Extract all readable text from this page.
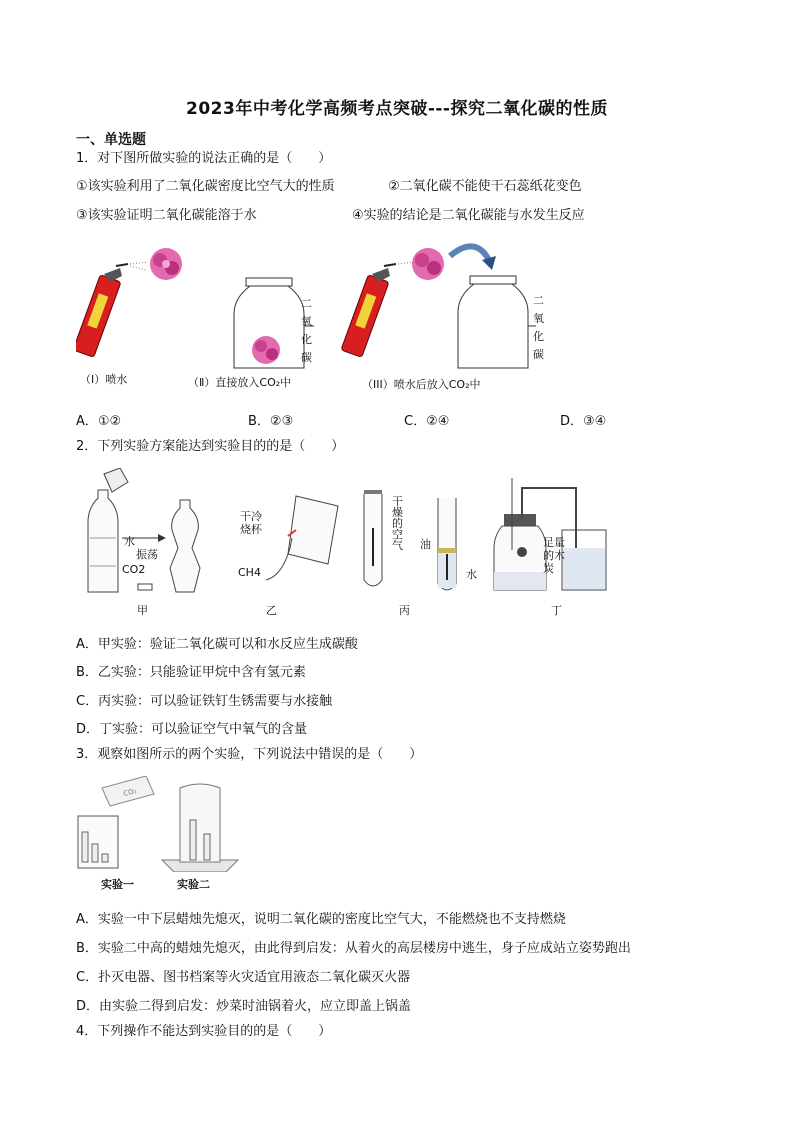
2023年中考化学高频考点突破---探究二氧化碳的性质
一、单选题
1．对下图所做实验的说法正确的是（　　）
①该实验利用了二氧化碳密度比空气大的性质	②二氧化碳不能使干石蕊纸花变色
③该实验证明二氧化碳能溶于水	④实验的结论是二氧化碳能与水发生反应
二
氧
化
碳
二
氧
化
碳
（I）喷水	（Ⅱ）直接放入CO₂中	（III）喷水后放入CO₂中
A．①②	B．②③	C．②④	D．③④
2．下列实验方案能达到实验目的的是（　　）
水
振荡
CO2
干冷
烧杯
CH4
干
燥
的
空
气 油
水
足量
的木
炭
甲	乙	丙	丁
A．甲实验：验证二氧化碳可以和水反应生成碳酸
B．乙实验：只能验证甲烷中含有氢元素
C．丙实验：可以验证铁钉生锈需要与水接触
D．丁实验：可以验证空气中氧气的含量
3．观察如图所示的两个实验，下列说法中错误的是（　　）
CO₂
实验一	实验二
A．实验一中下层蜡烛先熄灭，说明二氧化碳的密度比空气大，不能燃烧也不支持燃烧
B．实验二中高的蜡烛先熄灭，由此得到启发：从着火的高层楼房中逃生，身子应成站立姿势跑出
C．扑灭电器、图书档案等火灾适宜用液态二氧化碳灭火器
D．由实验二得到启发：炒菜时油锅着火，应立即盖上锅盖
4．下列操作不能达到实验目的的是（　　）
